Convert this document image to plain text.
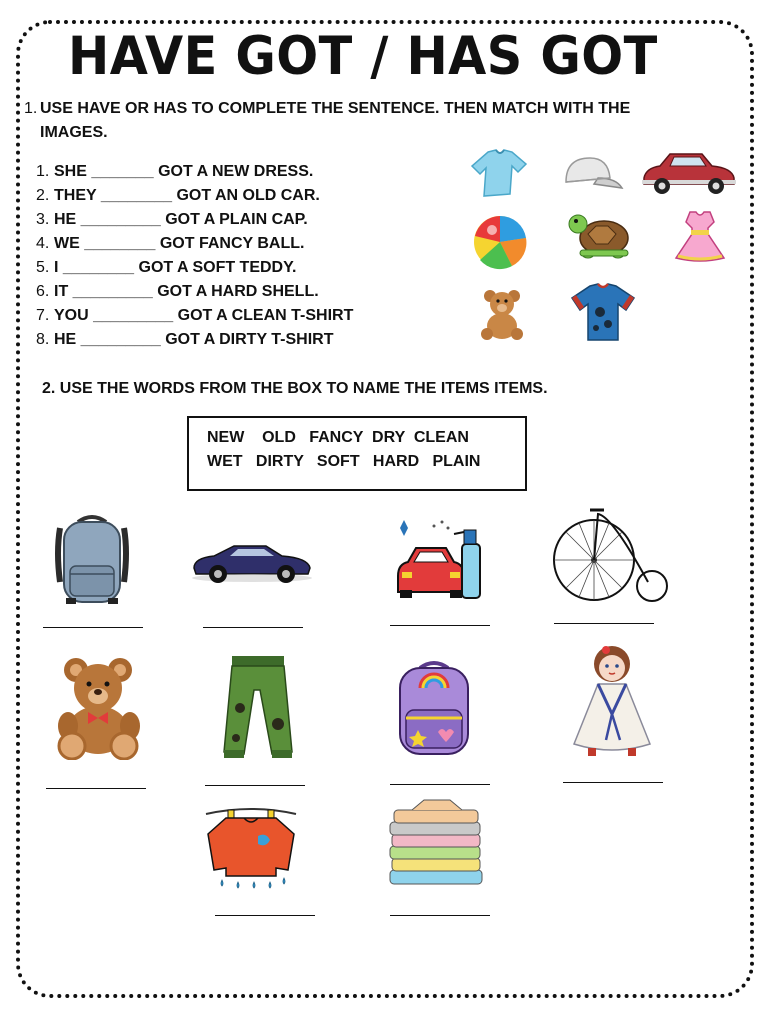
HAVE GOT / HAS GOT
1. USE HAVE OR HAS TO COMPLETE THE SENTENCE. THEN MATCH WITH THE
IMAGES.
1. SHE _______ GOT A NEW DRESS.
2. THEY ________ GOT AN OLD CAR.
3. HE _________ GOT A PLAIN CAP.
4. WE ________ GOT FANCY BALL.
5. I ________ GOT A SOFT TEDDY.
6. IT _________ GOT A HARD SHELL.
7. YOU _________ GOT A CLEAN T-SHIRT
8. HE _________ GOT A DIRTY T-SHIRT
2. USE THE WORDS FROM THE BOX TO NAME THE ITEMS ITEMS.
NEW    OLD   FANCY  DRY  CLEAN
WET   DIRTY   SOFT   HARD   PLAIN
